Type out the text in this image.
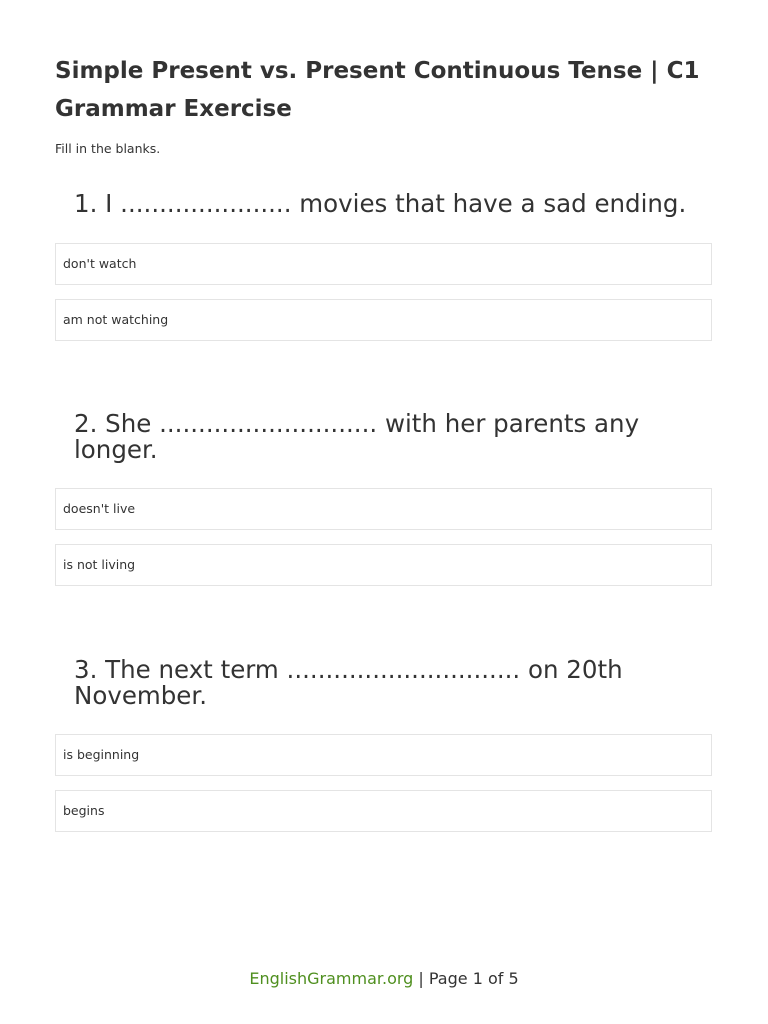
Simple Present vs. Present Continuous Tense | C1 Grammar Exercise

Fill in the blanks.

1. I ...................... movies that have a sad ending.
don't watch
am not watching
2. She ............................ with her parents any longer.
doesn't live
is not living
3. The next term .............................. on 20th November.
is beginning
begins
EnglishGrammar.org | Page 1 of 5
